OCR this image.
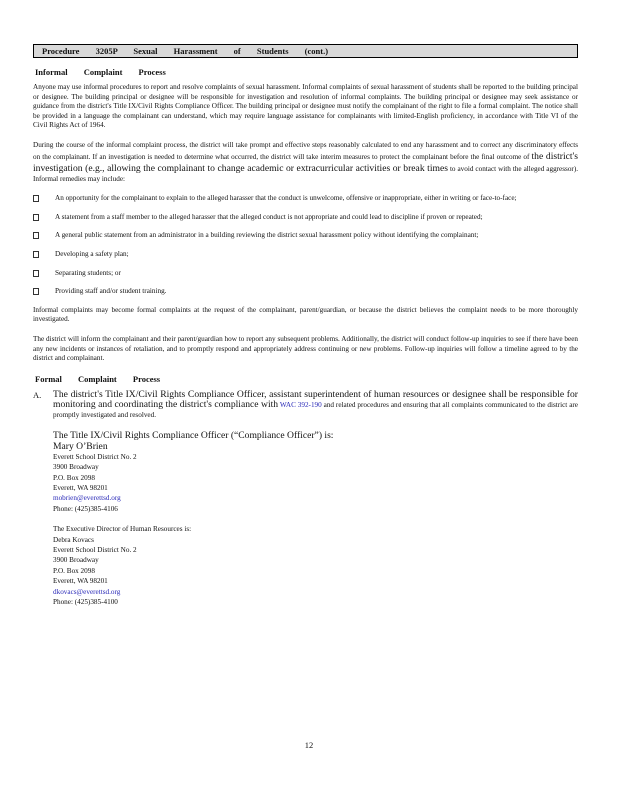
Procedure 3205P Sexual Harassment of Students (cont.)
Informal Complaint Process

Anyone may use informal procedures to report and resolve complaints of sexual harassment. Informal complaints of sexual harassment of students shall be reported to the building principal or designee. The building principal or designee will be responsible for investigation and resolution of informal complaints. The building principal or designee may seek assistance or guidance from the district's Title IX/Civil Rights Compliance Officer. The building principal or designee must notify the complainant of the right to file a formal complaint. The notice shall be provided in a language the complainant can understand, which may require language assistance for complainants with limited-English proficiency, in accordance with Title VI of the Civil Rights Act of 1964.

During the course of the informal complaint process, the district will take prompt and effective steps reasonably calculated to end any harassment and to correct any discriminatory effects on the complainant. If an investigation is needed to determine what occurred, the district will take interim measures to protect the complainant before the final outcome of the district's investigation (e.g., allowing the complainant to change academic or extracurricular activities or break times to avoid contact with the alleged aggressor). Informal remedies may include:

An opportunity for the complainant to explain to the alleged harasser that the conduct is unwelcome, offensive or inappropriate, either in writing or face-to-face;
A statement from a staff member to the alleged harasser that the alleged conduct is not appropriate and could lead to discipline if proven or repeated;
A general public statement from an administrator in a building reviewing the district sexual harassment policy without identifying the complainant;
Developing a safety plan;
Separating students; or
Providing staff and/or student training.

Informal complaints may become formal complaints at the request of the complainant, parent/guardian, or because the district believes the complaint needs to be more thoroughly investigated.

The district will inform the complainant and their parent/guardian how to report any subsequent problems. Additionally, the district will conduct follow-up inquiries to see if there have been any new incidents or instances of retaliation, and to promptly respond and appropriately address continuing or new problems. Follow-up inquiries will follow a timeline agreed to by the district and complainant.

Formal Complaint Process
A. The district's Title IX/Civil Rights Compliance Officer, assistant superintendent of human resources or designee shall be responsible for monitoring and coordinating the district's compliance with WAC 392-190 and related procedures and ensuring that all complaints communicated to the district are promptly investigated and resolved.
The Title IX/Civil Rights Compliance Officer (“Compliance Officer”) is:
Mary O’Brien
Everett School District No. 2
3900 Broadway
P.O. Box 2098
Everett, WA 98201
mobrien@everettsd.org
Phone: (425)385-4106
The Executive Director of Human Resources is:
Debra Kovacs
Everett School District No. 2
3900 Broadway
P.O. Box 2098
Everett, WA 98201
dkovacs@everettsd.org
Phone: (425)385-4100
12
